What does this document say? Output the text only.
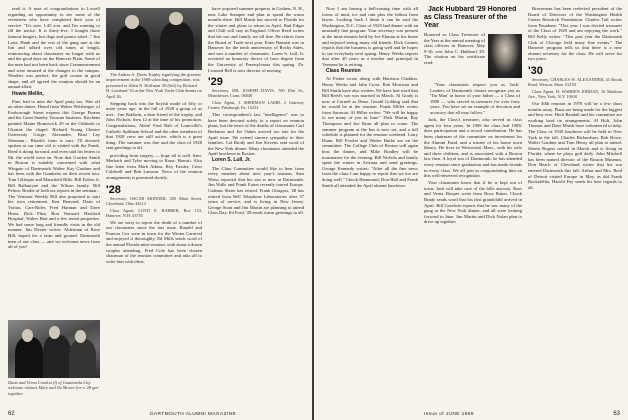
read it. A note of congratulations to Lowell regarding an opportunity to see some of the seventeen who have completed their year of service. "It's now 1:45 a.m. and I'm wanting to fill the notice. It is thirty-five. I bought those famous burgers, hot dogs and potato salad..." Jim Leitz, Hank and the rest of the gang met at the Inn and talked over old times at length, reminiscing about classmates no longer with us and the good days on the Hanover Plain. Some of the men had not been back since Commencement and were amazed at the changes to the campus. Weather was perfect, the golf course in good shape, and all agreed the reunion should be an annual affair.

Howie Mellin,

Pine, had to miss the April party too. Was off on other duties. Heard from Walter Welsberger, of Foxborough Street express this George Pineau and his Great Stanley Vacuum business. Kitchens painted Maine Brunswick 29 in the Oshkosh to Ukraine the chapel. Richard Young Chester University Gorge, Alexander, Brad Lay Sherman... Rhoda's farm is ours. I'll dressed, spoken at our time old is visited with the Frank. Reed is doing forward, and even said his letters to Mr. the world went on. Note that Gordon Smith in Boston is suitably concerned with what Wingate of Dartmouth Walter Kay Gardner and has been with the Gumberts on their recent tour. Tom Gillespie and Mansfield Hills. Bill Fulton Jr. Bill Ballantyne and the Wilson family. Bill Pelton: Brodie of both tax reports in the seminar... The Vermont Weekly Bill also proposed to start his own retirement. Ken Benvard, Dean of Vorton, Cars-Rider, Fred Harman and Dave Hurst. Dick Flint, Ron Vennard. Hartford Hospital, Walter Hart and a few rental properties. We had some long and friendly visits in the old manner. Jim Dexter writes: Alderman of Rose Hill, hoped for a farm and ground. Dartmouth men of our class — and we welcome news from all of you!

Dana and Verna Condon (l) of Guatemala City welcome visitors Mary and Oz Mower for a '28 get-together.

The Andres A. Davis Trophy signifying the greatest improvement in the 1968 schooling competition, was presented to Allen N. Hoffman '28 (left) by Richard H. Lombard '33 at the New York Yacht Club dinner on April 26.

Stepping back into the boyish mode of fifty or more years ago: in the fall of 1928 a group of us met... Jim Baldwin, a dear friend of the trophy, and John Nichols, then 12 at the time of his promotion. Congratulations, Allen! Fred Ball of Louisville's Catholic Spillman School and the other members of that 1928 crew are still active, which is a great thing. The summer was fine and the class of 1928 sent greetings to all.

providing from surgery — hope all is well. Sam. Merbach and Tyler moving to Kona, Hawaii. Also fine letter from Mark Atkins, Roy Fassler, Cress Caldwell and Bob Lamson. News of the reunion arrangements is promised shortly.

'28

Secretary, OSCAR SKINNER, 200 Main Street, Cleveland, Ohio 44114

Class Agent, LOYD E. BARBER, Box 123, Hanover, N.H. 03755

We are sorry to report the death of a number of our classmates since the last issue. Ranald and Frances Cox were in town for the Winter Carnival and enjoyed it thoroughly. Ed Mills sends word of the annual Florida mini-reunion, with about a dozen couples attending. Fred Cole has been chosen chairman of the reunion committee and asks all to write him with ideas.

have acquired summer property in Goshen, N. H., near Lake Sunapee and plan to spend the warm months there. Bill Marsh has moved to Florida for the winter and plans to return in April. Bud Edgar and Chill will stay in England. Oliver Reed writes that his son and family are all fine. He retires from the Board of Trade next year. Ernie Bennett was in Hanover for the tenth anniversary of Rocky Sales, and saw a number of classmates. Loren S. Lull, Jr. received an honorary doctor of laws degree from the University of Pennsylvania this spring. Dr. Leonard Bell is now director of nursing.

'29

Secretary, DR. JOSEPH DAVIS, 700 Elm St., Manchester, Conn. 06040

Class Agent, J. SHERMAN LAMB, 2 Gateway Center, Pittsburgh, Pa. 15222

This correspondent's last "intelligence" was to have been devoted solely to a report on reunion plans, but the news of the deaths of classmates Carl Berkman and Joe Oakes arrived too late for the April issue. We extend sincere sympathy to their families. Cal Brody and Jim Stevens sent word of the New York dinner. Many classmates attended the April luncheon in Boston.

Loren S. Lull, Jr.

The Class Committee would like to hear from every member about next year's reunion. Sam Weiss reported that his son is now at Dartmouth. Jim Walls and Frank Eaton recently toured Europe. Cadmus Slater has retired. Frank Glasgow, '28 has retired from Bell Telephone Laboratories after 37 years of service, and is living in New Jersey. George Stout and Jim Martin are planning to attend Class Day. Ed Ford, '28 sends warm greetings to all.

62	DARTMOUTH ALUMNI MAGAZINE

Now I am having a hell-raising time with all forms of mud, ice and rain plus the fallout from lawns. Looking back I think it can be said the Washington, D.C. Class of 1929 had dinner with an unusually fine program. Your secretary was present at the mini-reunion held by Joe Ekman at his home and enjoyed seeing many old friends. Dick Grimes reports that the business is going well and he hopes to see everybody next spring. Henry Weeks reports that after 40 years as a teacher and principal in Vermont he is retiring.

Class Reunion

Al Fisher wrote along with Harrison Chaldon. Henry Weeks and John Cross. Bob Morrison and Bill Smith have also written. We have had word that Bill Reed's son was married in March. Al Grady is now at Cornell as Dean. Gerald Golding said that he would be at the reunion. Frank Miller writes from Sarasota. Al Hiller writes: "We will be happy to see many of you in June." Dick Martin, Ray Thompson and Joe Ryan all plan to come. The summer program at the Inn is now set, and a full schedule is planned for the reunion weekend. Larry Dunn, Bill Fowler and Walter Burke are on the committee. The College Club of Boston will again host the dinner, and Mike Bradley will be toastmaster for the evening. Bill Nichols and family spent the winter in Arizona and send greetings. George Kennedy writes: "After all the fine news from the class I am happy to report that we too are doing well." Chuck Hammond, Don Hall and Frank Smith all attended the April alumni luncheon.

Jack Hubbard '29 Honored as Class Treasurer of the Year

Honored as Class Treasurer of the Year at the annual meeting of class officers in Hanover, May 9-10, was John C. Hubbard '29. The citation on his certificate read:

"Your classmates respect you as 'Jack'. Leaders of Dartmouth classes recognize you as 'Tin Man' in honor of your father — a Class of 1900 — who served as treasurer for over forty years. You have set an example of devotion and accuracy that all may follow."

Jack, the Class's treasurer, also served as class agent for four years. In 1969 the class had 100% dues participation and a record contribution. He has been chairman of the committee on investment for the Alumni Fund, and a trustee of his home town library. He lives in Westwood, Mass., with his wife and three children, and is associated with a Boston law firm. A loyal son of Dartmouth, he has attended every reunion since graduation and has made friends in every class. We all join in congratulating him on this well-deserved recognition.

Your classmates know that if he is kept out of town, Jack will take care of the bills anyway. Ross and Verna Hooper write from Boca Raton. Chuck Brady sends word that his first grandchild arrived in April. Bill Goodwin reports that he saw many of the gang at the New York dinner, and all were looking forward to June. Jim Martin and Dick Nolan plan to drive up together.

Braverman has been reelected president of the Board of Directors of the Washington Health Center Research Foundation. Charles Taft writes from Pasadena: "This year I was elected treasurer of the Class of 1929 and am enjoying the work." Bill Kelly writes: "This past year the Dartmouth Club of Chicago held many fine events." The Hanover program tells us that there is a new alumni secretary for the class. He will serve for two years.

'30

Secretary, CHARLES W. ALEXANDER, 41 Brook Road, Weston, Mass. 02193

Class Agent, H. WARREN JORDAN, 10 Madison Ave., New York, N.Y. 10010

Our 40th reunion in 1970 will be a few short months away. Plans are being made for the biggest and best ever. Herb Randall and his committee are working hard on arrangements. Al Holt, John Thomas and Dave Marsh have volunteered to help. The Class of 1930 luncheon will be held in New York in the fall. Charles Richardson, Bob Rowe, Walter Gardner and Tom Henry all plan to attend. Sherm Rogers retired in March and is living in Florida, where he plays golf daily. John Mitchell has been named director of the Boston Museum. Don Beach of Cleveland writes that his son entered Dartmouth this fall. Arthur and Mrs. Reid of Detroit visited Europe in May, as did Frank Rockefeller. Harold Fay sends his best regards to all.

Issue of JUNE 1969	63
